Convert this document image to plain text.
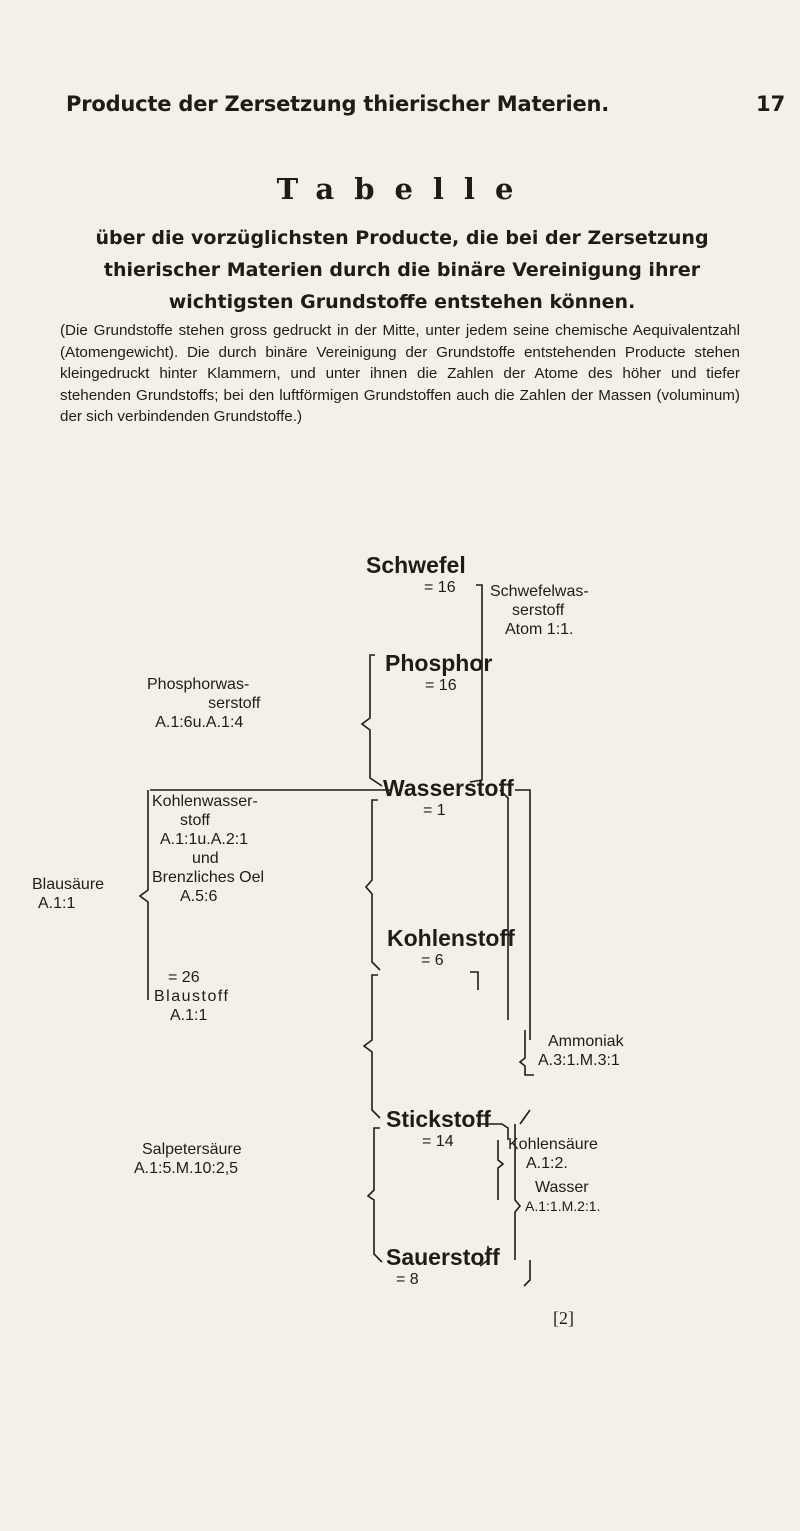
Producte der Zersetzung thierischer Materien.	17
Tabelle
über die vorzüglichsten Producte, die bei der Zersetzung thierischer Materien durch die binäre Vereinigung ihrer wichtigsten Grundstoffe entstehen können.
(Die Grundstoffe stehen gross gedruckt in der Mitte, unter jedem seine chemische Aequivalentzahl (Atomengewicht). Die durch binäre Vereinigung der Grundstoffe entstehenden Producte stehen kleingedruckt hinter Klammern, und unter ihnen die Zahlen der Atome des höher und tiefer stehenden Grundstoffs; bei den luftförmigen Grundstoffen auch die Zahlen der Massen (voluminum) der sich verbindenden Grundstoffe.)
Schwefel
= 16
Phosphor
= 16
Wasserstoff
= 1
Kohlenstoff
= 6
Stickstoff
= 14
Sauerstoff
= 8
Schwefelwas-
serstoff
Atom 1:1.
Phosphorwas-
serstoff
A.1:6u.A.1:4
Kohlenwasser-
stoff
A.1:1u.A.2:1
und
Brenzliches Oel
A.5:6
Blausäure
A.1:1
= 26
Blaustoff
A.1:1
Ammoniak
A.3:1.M.3:1
Salpetersäure
A.1:5.M.10:2,5
Kohlensäure
A.1:2.
Wasser
A.1:1.M.2:1.
[2]
